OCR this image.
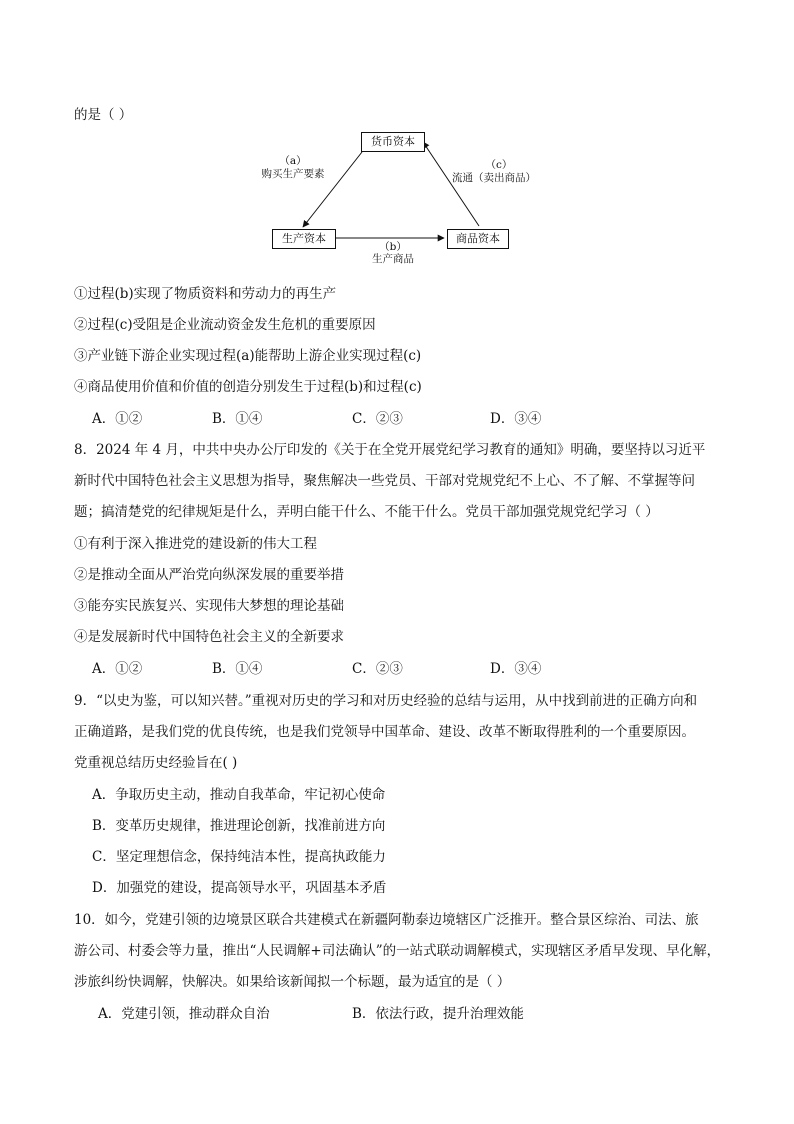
的是（ ）
货币资本
生产资本	商品资本
（a）
购买生产要素
（b）
生产商品
（c）
流通（卖出商品）
①过程(b)实现了物质资料和劳动力的再生产
②过程(c)受阻是企业流动资金发生危机的重要原因
③产业链下游企业实现过程(a)能帮助上游企业实现过程(c)
④商品使用价值和价值的创造分别发生于过程(b)和过程(c)
A．①②	B．①④	C．②③	D．③④
8．2024 年 4 月，中共中央办公厅印发的《关于在全党开展党纪学习教育的通知》明确，要坚持以习近平
新时代中国特色社会主义思想为指导，聚焦解决一些党员、干部对党规党纪不上心、不了解、不掌握等问
题；搞清楚党的纪律规矩是什么，弄明白能干什么、不能干什么。党员干部加强党规党纪学习（ ）
①有利于深入推进党的建设新的伟大工程
②是推动全面从严治党向纵深发展的重要举措
③能夯实民族复兴、实现伟大梦想的理论基础
④是发展新时代中国特色社会主义的全新要求
A．①②	B．①④	C．②③	D．③④
9．“以史为鉴，可以知兴替。”重视对历史的学习和对历史经验的总结与运用，从中找到前进的正确方向和
正确道路，是我们党的优良传统，也是我们党领导中国革命、建设、改革不断取得胜利的一个重要原因。
党重视总结历史经验旨在( )
A．争取历史主动，推动自我革命，牢记初心使命
B．变革历史规律，推进理论创新，找准前进方向
C．坚定理想信念，保持纯洁本性，提高执政能力
D．加强党的建设，提高领导水平，巩固基本矛盾
10．如今，党建引领的边境景区联合共建模式在新疆阿勒泰边境辖区广泛推开。整合景区综治、司法、旅
游公司、村委会等力量，推出“人民调解+司法确认”的一站式联动调解模式，实现辖区矛盾早发现、早化解，
涉旅纠纷快调解，快解决。如果给该新闻拟一个标题，最为适宜的是（ ）
A．党建引领，推动群众自治	B．依法行政，提升治理效能
